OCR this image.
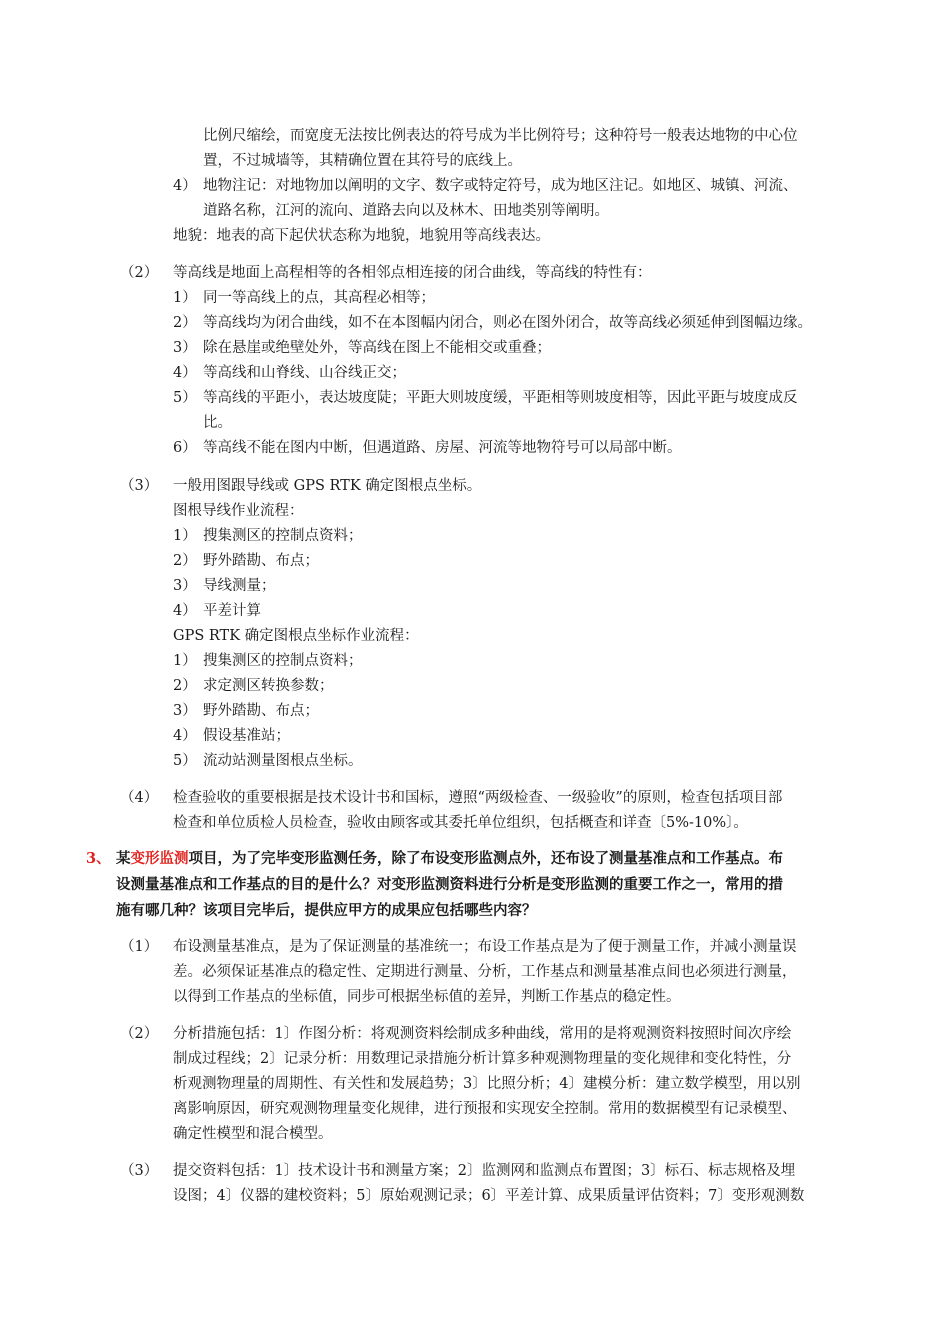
比例尺缩绘，而宽度无法按比例表达的符号成为半比例符号；这种符号一般表达地物的中心位
置，不过城墙等，其精确位置在其符号的底线上。
4） 地物注记：对地物加以阐明的文字、数字或特定符号，成为地区注记。如地区、城镇、河流、
道路名称，江河的流向、道路去向以及林木、田地类别等阐明。
地貌：地表的高下起伏状态称为地貌，地貌用等高线表达。
（2） 等高线是地面上高程相等的各相邻点相连接的闭合曲线，等高线的特性有：
1） 同一等高线上的点，其高程必相等；
2） 等高线均为闭合曲线，如不在本图幅内闭合，则必在图外闭合，故等高线必须延伸到图幅边缘。
3） 除在悬崖或绝壁处外，等高线在图上不能相交或重叠；
4） 等高线和山脊线、山谷线正交；
5） 等高线的平距小，表达坡度陡；平距大则坡度缓，平距相等则坡度相等，因此平距与坡度成反
比。
6） 等高线不能在图内中断，但遇道路、房屋、河流等地物符号可以局部中断。
（3） 一般用图跟导线或 GPS RTK 确定图根点坐标。
图根导线作业流程：
1） 搜集测区的控制点资料；
2） 野外踏勘、布点；
3） 导线测量；
4） 平差计算
GPS RTK 确定图根点坐标作业流程：
1） 搜集测区的控制点资料；
2） 求定测区转换参数；
3） 野外踏勘、布点；
4） 假设基准站；
5） 流动站测量图根点坐标。
（4） 检查验收的重要根据是技术设计书和国标，遵照“两级检查、一级验收”的原则，检查包括项目部
检查和单位质检人员检查，验收由顾客或其委托单位组织，包括概查和详查〔5%-10%〕。
3、 某变形监测项目，为了完毕变形监测任务，除了布设变形监测点外，还布设了测量基准点和工作基点。布
设测量基准点和工作基点的目的是什么？对变形监测资料进行分析是变形监测的重要工作之一，常用的措
施有哪几种？该项目完毕后，提供应甲方的成果应包括哪些内容？
（1） 布设测量基准点，是为了保证测量的基准统一；布设工作基点是为了便于测量工作，并减小测量误
差。必须保证基准点的稳定性、定期进行测量、分析，工作基点和测量基准点间也必须进行测量，
以得到工作基点的坐标值，同步可根据坐标值的差异，判断工作基点的稳定性。
（2） 分析措施包括：1〕作图分析：将观测资料绘制成多种曲线，常用的是将观测资料按照时间次序绘
制成过程线；2〕记录分析：用数理记录措施分析计算多种观测物理量的变化规律和变化特性，分
析观测物理量的周期性、有关性和发展趋势；3〕比照分析；4〕建模分析：建立数学模型，用以别
离影响原因，研究观测物理量变化规律，进行预报和实现安全控制。常用的数据模型有记录模型、
确定性模型和混合模型。
（3） 提交资料包括：1〕技术设计书和测量方案；2〕监测网和监测点布置图；3〕标石、标志规格及埋
设图；4〕仪器的建校资料；5〕原始观测记录；6〕平差计算、成果质量评估资料；7〕变形观测数
